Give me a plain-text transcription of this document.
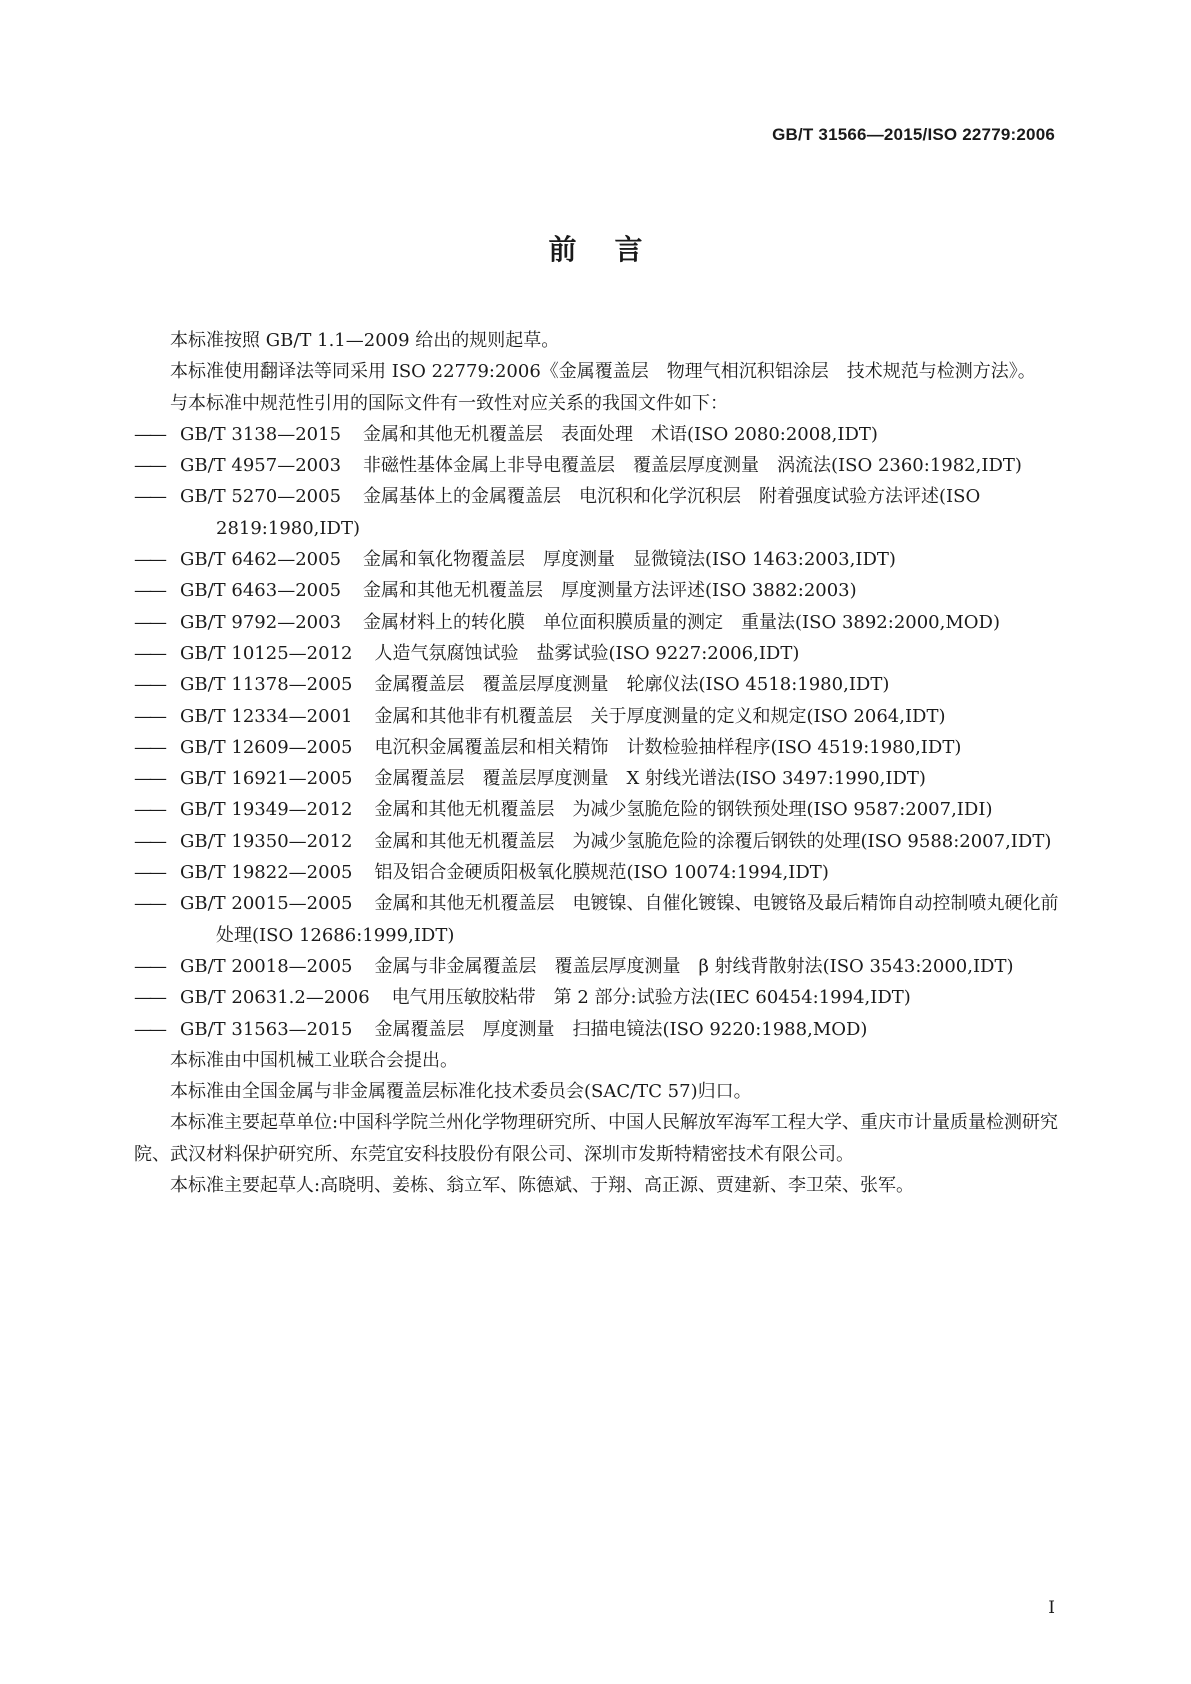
GB/T 31566—2015/ISO 22779:2006

前言

本标准按照 GB/T 1.1—2009 给出的规则起草。

本标准使用翻译法等同采用 ISO 22779:2006《金属覆盖层　物理气相沉积铝涂层　技术规范与检测方法》。

与本标准中规范性引用的国际文件有一致性对应关系的我国文件如下：

—— GB/T 3138—2015 金属和其他无机覆盖层　表面处理　术语(ISO 2080:2008,IDT)
—— GB/T 4957—2003 非磁性基体金属上非导电覆盖层　覆盖层厚度测量　涡流法(ISO 2360:1982,IDT)
—— GB/T 5270—2005 金属基体上的金属覆盖层　电沉积和化学沉积层　附着强度试验方法评述(ISO 2819:1980,IDT)
—— GB/T 6462—2005 金属和氧化物覆盖层　厚度测量　显微镜法(ISO 1463:2003,IDT)
—— GB/T 6463—2005 金属和其他无机覆盖层　厚度测量方法评述(ISO 3882:2003)
—— GB/T 9792—2003 金属材料上的转化膜　单位面积膜质量的测定　重量法(ISO 3892:2000,MOD)
—— GB/T 10125—2012 人造气氛腐蚀试验　盐雾试验(ISO 9227:2006,IDT)
—— GB/T 11378—2005 金属覆盖层　覆盖层厚度测量　轮廓仪法(ISO 4518:1980,IDT)
—— GB/T 12334—2001 金属和其他非有机覆盖层　关于厚度测量的定义和规定(ISO 2064,IDT)
—— GB/T 12609—2005 电沉积金属覆盖层和相关精饰　计数检验抽样程序(ISO 4519:1980,IDT)
—— GB/T 16921—2005 金属覆盖层　覆盖层厚度测量　X 射线光谱法(ISO 3497:1990,IDT)
—— GB/T 19349—2012 金属和其他无机覆盖层　为减少氢脆危险的钢铁预处理(ISO 9587:2007,IDI)
—— GB/T 19350—2012 金属和其他无机覆盖层　为减少氢脆危险的涂覆后钢铁的处理(ISO 9588:2007,IDT)
—— GB/T 19822—2005 铝及铝合金硬质阳极氧化膜规范(ISO 10074:1994,IDT)
—— GB/T 20015—2005 金属和其他无机覆盖层　电镀镍、自催化镀镍、电镀铬及最后精饰自动控制喷丸硬化前处理(ISO 12686:1999,IDT)
—— GB/T 20018—2005 金属与非金属覆盖层　覆盖层厚度测量　β 射线背散射法(ISO 3543:2000,IDT)
—— GB/T 20631.2—2006 电气用压敏胶粘带　第 2 部分:试验方法(IEC 60454:1994,IDT)
—— GB/T 31563—2015 金属覆盖层　厚度测量　扫描电镜法(ISO 9220:1988,MOD)

本标准由中国机械工业联合会提出。

本标准由全国金属与非金属覆盖层标准化技术委员会(SAC/TC 57)归口。

本标准主要起草单位:中国科学院兰州化学物理研究所、中国人民解放军海军工程大学、重庆市计量质量检测研究院、武汉材料保护研究所、东莞宜安科技股份有限公司、深圳市发斯特精密技术有限公司。

本标准主要起草人:高晓明、姜栋、翁立军、陈德斌、于翔、高正源、贾建新、李卫荣、张军。

I
